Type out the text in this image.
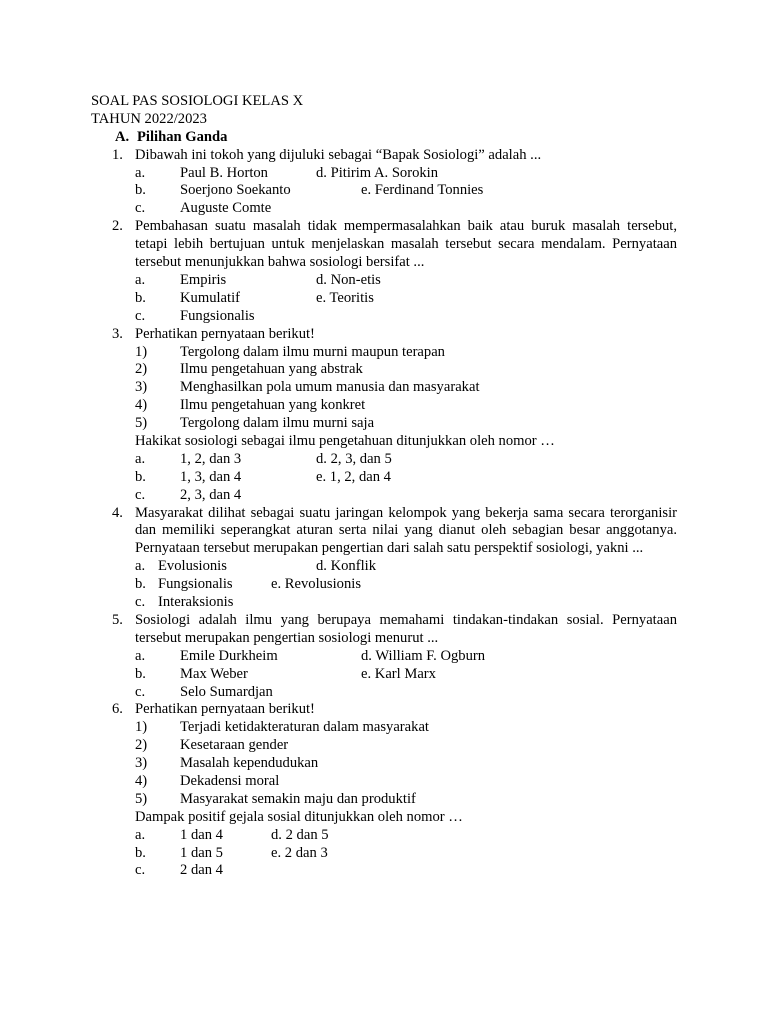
SOAL PAS SOSIOLOGI KELAS X
TAHUN 2022/2023
A. Pilihan Ganda
1. Dibawah ini tokoh yang dijuluki sebagai “Bapak Sosiologi” adalah ...
a. Paul B. Horton	d. Pitirim A. Sorokin
b. Soerjono Soekanto	e. Ferdinand Tonnies
c. Auguste Comte
2. Pembahasan suatu masalah tidak mempermasalahkan baik atau buruk masalah tersebut, tetapi lebih bertujuan untuk menjelaskan masalah tersebut secara mendalam. Pernyataan tersebut menunjukkan bahwa sosiologi bersifat ...
a. Empiris	d. Non-etis
b. Kumulatif	e. Teoritis
c. Fungsionalis
3. Perhatikan pernyataan berikut!
1) Tergolong dalam ilmu murni maupun terapan
2) Ilmu pengetahuan yang abstrak
3) Menghasilkan pola umum manusia dan masyarakat
4) Ilmu pengetahuan yang konkret
5) Tergolong dalam ilmu murni saja
Hakikat sosiologi sebagai ilmu pengetahuan ditunjukkan oleh nomor …
a. 1, 2, dan 3	d. 2, 3, dan 5
b. 1, 3, dan 4	e. 1, 2, dan 4
c. 2, 3, dan 4
4. Masyarakat dilihat sebagai suatu jaringan kelompok yang bekerja sama secara terorganisir dan memiliki seperangkat aturan serta nilai yang dianut oleh sebagian besar anggotanya. Pernyataan tersebut merupakan pengertian dari salah satu perspektif sosiologi, yakni ...
a. Evolusionis	d. Konflik
b. Fungsionalis	e. Revolusionis
c. Interaksionis
5. Sosiologi adalah ilmu yang berupaya memahami tindakan-tindakan sosial. Pernyataan tersebut merupakan pengertian sosiologi menurut ...
a. Emile Durkheim	d. William F. Ogburn
b. Max Weber	e. Karl Marx
c. Selo Sumardjan
6. Perhatikan pernyataan berikut!
1) Terjadi ketidakteraturan dalam masyarakat
2) Kesetaraan gender
3) Masalah kependudukan
4) Dekadensi moral
5) Masyarakat semakin maju dan produktif
Dampak positif gejala sosial ditunjukkan oleh nomor …
a. 1 dan 4	d. 2 dan 5
b. 1 dan 5	e. 2 dan 3
c. 2 dan 4
